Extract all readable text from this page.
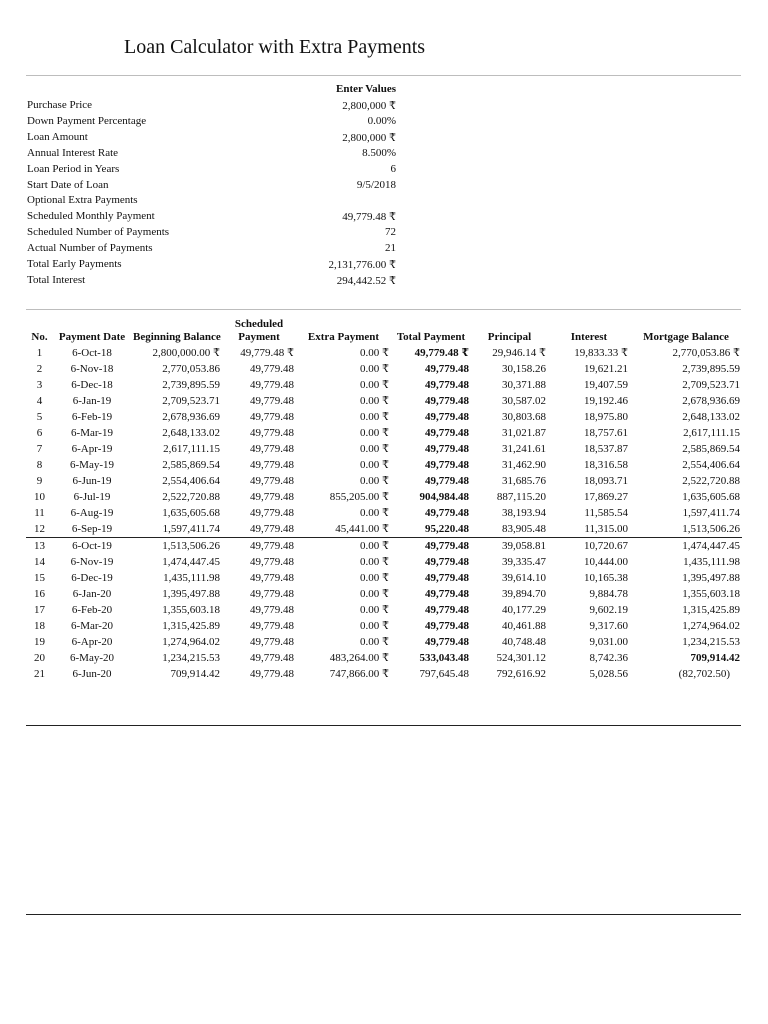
Loan Calculator with Extra Payments
Enter Values
Purchase Price	2,800,000 ₹
Down Payment Percentage	0.00%
Loan Amount	2,800,000 ₹
Annual Interest Rate	8.500%
Loan Period in Years	6
Start Date of Loan	9/5/2018
Optional Extra Payments
Scheduled Monthly Payment	49,779.48 ₹
Scheduled Number of Payments	72
Actual Number of Payments	21
Total Early Payments	2,131,776.00 ₹
Total Interest	294,442.52 ₹
No.	Payment Date	Beginning Balance	Scheduled Payment	Extra Payment	Total Payment	Principal	Interest	Mortgage Balance
1	6-Oct-18	2,800,000.00 ₹	49,779.48 ₹	0.00 ₹	49,779.48 ₹	29,946.14 ₹	19,833.33 ₹	2,770,053.86 ₹
2	6-Nov-18	2,770,053.86	49,779.48	0.00 ₹	49,779.48	30,158.26	19,621.21	2,739,895.59
3	6-Dec-18	2,739,895.59	49,779.48	0.00 ₹	49,779.48	30,371.88	19,407.59	2,709,523.71
4	6-Jan-19	2,709,523.71	49,779.48	0.00 ₹	49,779.48	30,587.02	19,192.46	2,678,936.69
5	6-Feb-19	2,678,936.69	49,779.48	0.00 ₹	49,779.48	30,803.68	18,975.80	2,648,133.02
6	6-Mar-19	2,648,133.02	49,779.48	0.00 ₹	49,779.48	31,021.87	18,757.61	2,617,111.15
7	6-Apr-19	2,617,111.15	49,779.48	0.00 ₹	49,779.48	31,241.61	18,537.87	2,585,869.54
8	6-May-19	2,585,869.54	49,779.48	0.00 ₹	49,779.48	31,462.90	18,316.58	2,554,406.64
9	6-Jun-19	2,554,406.64	49,779.48	0.00 ₹	49,779.48	31,685.76	18,093.71	2,522,720.88
10	6-Jul-19	2,522,720.88	49,779.48	855,205.00 ₹	904,984.48	887,115.20	17,869.27	1,635,605.68
11	6-Aug-19	1,635,605.68	49,779.48	0.00 ₹	49,779.48	38,193.94	11,585.54	1,597,411.74
12	6-Sep-19	1,597,411.74	49,779.48	45,441.00 ₹	95,220.48	83,905.48	11,315.00	1,513,506.26
13	6-Oct-19	1,513,506.26	49,779.48	0.00 ₹	49,779.48	39,058.81	10,720.67	1,474,447.45
14	6-Nov-19	1,474,447.45	49,779.48	0.00 ₹	49,779.48	39,335.47	10,444.00	1,435,111.98
15	6-Dec-19	1,435,111.98	49,779.48	0.00 ₹	49,779.48	39,614.10	10,165.38	1,395,497.88
16	6-Jan-20	1,395,497.88	49,779.48	0.00 ₹	49,779.48	39,894.70	9,884.78	1,355,603.18
17	6-Feb-20	1,355,603.18	49,779.48	0.00 ₹	49,779.48	40,177.29	9,602.19	1,315,425.89
18	6-Mar-20	1,315,425.89	49,779.48	0.00 ₹	49,779.48	40,461.88	9,317.60	1,274,964.02
19	6-Apr-20	1,274,964.02	49,779.48	0.00 ₹	49,779.48	40,748.48	9,031.00	1,234,215.53
20	6-May-20	1,234,215.53	49,779.48	483,264.00 ₹	533,043.48	524,301.12	8,742.36	709,914.42
21	6-Jun-20	709,914.42	49,779.48	747,866.00 ₹	797,645.48	792,616.92	5,028.56	(82,702.50)
